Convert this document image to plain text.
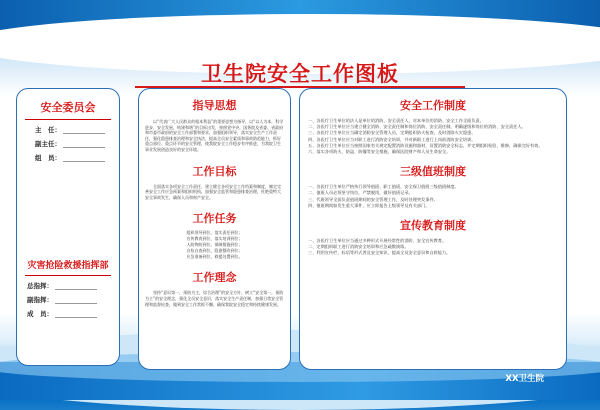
卫生院安全工作图板
安全委员会
主　任：
副主任：
组　员：
灾害抢险救援指挥部
总指挥：
副指挥：
成　员：
指导思想
以“代表广大人民群众的根本利益”的重要思想为指导，以“以人为本，科学进步，安全发展，构建和谐”的目标出发，按照党中央、国务院及省委、省政府和市委市政府的安全工作部署和要求，加强组织领导，落实安全生产工作责任，强化隐患排查治理和安全执法，提高全员安全素质和事故防范能力，抓好重点部位、重点环节的安全管理，使我院安全工作稳步有序推进，为我院卫生事业发展创造良好的安全环境。
工作目标
全面落实各项安全工作责任，建立健全各项安全工作档案和制度，制定完善安全工作应急预案和组织机构，加强安全监管和隐患排查治理，杜绝重特大安全事故发生，确保人员和财产安全。
工作任务
组织领导到位，落实责任到位；
宣传教育到位，落实培训到位；
人防物防到位，保障措施到位；
自检自查到位，隐患整改到位；
应急准备到位，救援处置到位。
工作理念
坚持“意识第一，预防为主，综合治理”的安全方针，树立“安全第一，预防为主”的安全理念，强化全员安全意识，落实安全生产责任制，加强日常安全管理和监督检查，做到安全工作常抓不懈，确保我院安全稳定和持续健康发展。
安全工作制度
一、各医疗卫生单位的法人是单位的消防、安全责任人，对本单位的消防、安全工作全面负责。
二、各医疗卫生单位应当建立健全消防、安全责任制和岗位消防、安全责任制，明确逐级和岗位的消防、安全责任人。
三、各医疗卫生单位应当确定消防安全管理人员，定期组织防火检查，及时消除火灾隐患。
四、各医疗卫生单位应当对职工进行消防安全培训，并对新职工进行上岗前消防安全培训。
五、各医疗卫生单位应当按照国家有关规定配置消防设施和器材，设置消防安全标志，并定期组织检验、维修，确保完好有效。
六、落实各项防火、防盗、防爆等安全措施，确保医院财产和人员生命安全。
三级值班制度
一、各医疗卫生单位严格执行领导值班、职工值班、安全保卫值班三级值班制度。
二、值班人员必须坚守岗位，严禁脱岗，做好值班记录。
三、代班领导全面负责值班期间的安全管理工作，及时处理突发事件。
四、值班期间如发生重大事件，应立即报告上级领导及有关部门。
宣传教育制度
一、各医疗卫生单位应当通过多种形式开展经常性的消防、安全宣传教育。
二、定期组织职工进行消防安全培训和应急疏散演练。
三、利用宣传栏、标语等形式普及安全知识，提高全员安全意识和自救能力。
XX卫生院
